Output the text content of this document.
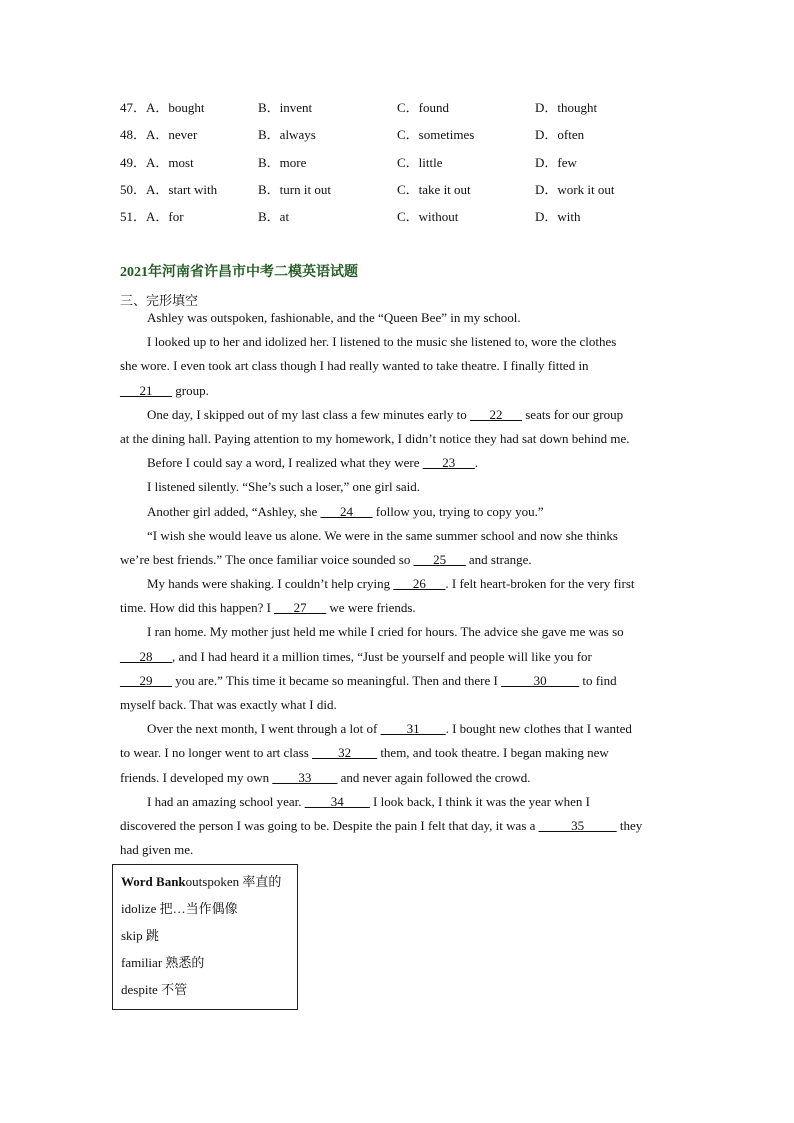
47．A．bought	B．invent	C．found	D．thought
48．A．never	B．always	C．sometimes	D．often
49．A．most	B．more	C．little	D．few
50．A．start with	B．turn it out	C．take it out	D．work it out
51．A．for	B．at	C．without	D．with
2021年河南省许昌市中考二模英语试题
三、完形填空
Ashley was outspoken, fashionable, and the “Queen Bee” in my school.
I looked up to her and idolized her. I listened to the music she listened to, wore the clothes
she wore. I even took art class though I had really wanted to take theatre. I finally fitted in
___21___ group.
One day, I skipped out of my last class a few minutes early to ___22___ seats for our group
at the dining hall. Paying attention to my homework, I didn’t notice they had sat down behind me.
Before I could say a word, I realized what they were ___23___.
I listened silently. “She’s such a loser,” one girl said.
Another girl added, “Ashley, she ___24___ follow you, trying to copy you.”
“I wish she would leave us alone. We were in the same summer school and now she thinks
we’re best friends.” The once familiar voice sounded so ___25___ and strange.
My hands were shaking. I couldn’t help crying ___26___. I felt heart-broken for the very first
time. How did this happen? I ___27___ we were friends.
I ran home. My mother just held me while I cried for hours. The advice she gave me was so
___28___, and I had heard it a million times, “Just be yourself and people will like you for
___29___ you are.” This time it became so meaningful. Then and there I _____30_____ to find
myself back. That was exactly what I did.
Over the next month, I went through a lot of ____31____. I bought new clothes that I wanted
to wear. I no longer went to art class ____32____ them, and took theatre. I began making new
friends. I developed my own ____33____ and never again followed the crowd.
I had an amazing school year. ____34____ I look back, I think it was the year when I
discovered the person I was going to be. Despite the pain I felt that day, it was a _____35_____ they
had given me.
Word Bankoutspoken 率直的
idolize 把…当作偶像
skip 跳
familiar 熟悉的
despite 不管
